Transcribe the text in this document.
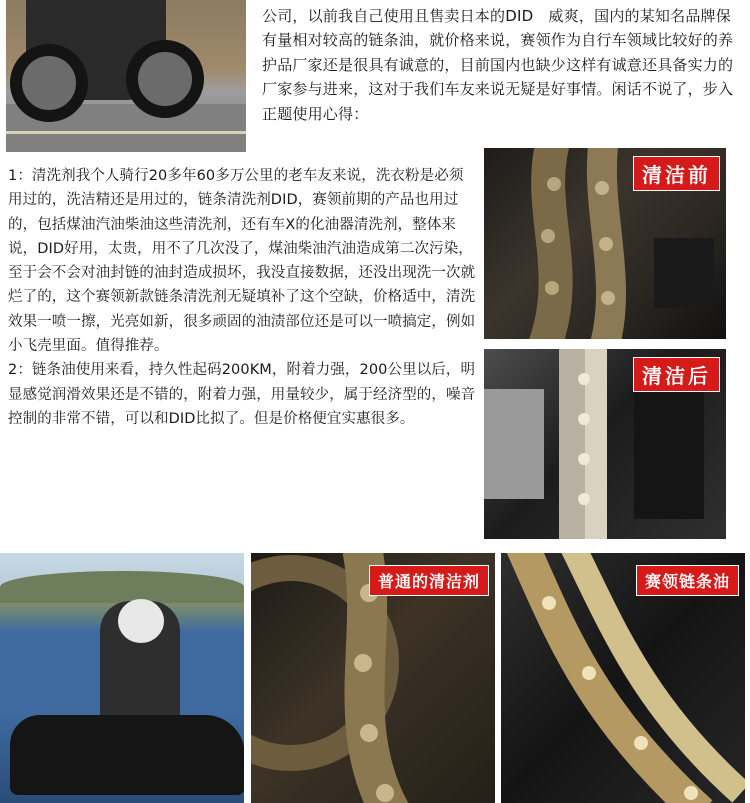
公司，以前我自己使用且售卖日本的DID　威爽，国内的某知名品牌保有量相对较高的链条油，就价格来说，赛领作为自行车领域比较好的养护品厂家还是很具有诚意的，目前国内也缺少这样有诚意还具备实力的厂家参与进来，这对于我们车友来说无疑是好事情。闲话不说了，步入正题使用心得：

1：清洗剂我个人骑行20多年60多万公里的老车友来说，洗衣粉是必须用过的，洗洁精还是用过的，链条清洗剂DID，赛领前期的产品也用过的，包括煤油汽油柴油这些清洗剂，还有车X的化油器清洗剂，整体来说，DID好用，太贵，用不了几次没了，煤油柴油汽油造成第二次污染，至于会不会对油封链的油封造成损坏，我没直接数据，还没出现洗一次就烂了的，这个赛领新款链条清洗剂无疑填补了这个空缺，价格适中，清洗效果一喷一擦，光亮如新，很多顽固的油渍部位还是可以一喷搞定，例如小飞壳里面。值得推荐。

2：链条油使用来看，持久性起码200KM，附着力强，200公里以后，明显感觉润滑效果还是不错的，附着力强，用量较少，属于经济型的，噪音控制的非常不错，可以和DID比拟了。但是价格便宜实惠很多。

清洁前
清洁后
普通的清洁剂	赛领链条油
